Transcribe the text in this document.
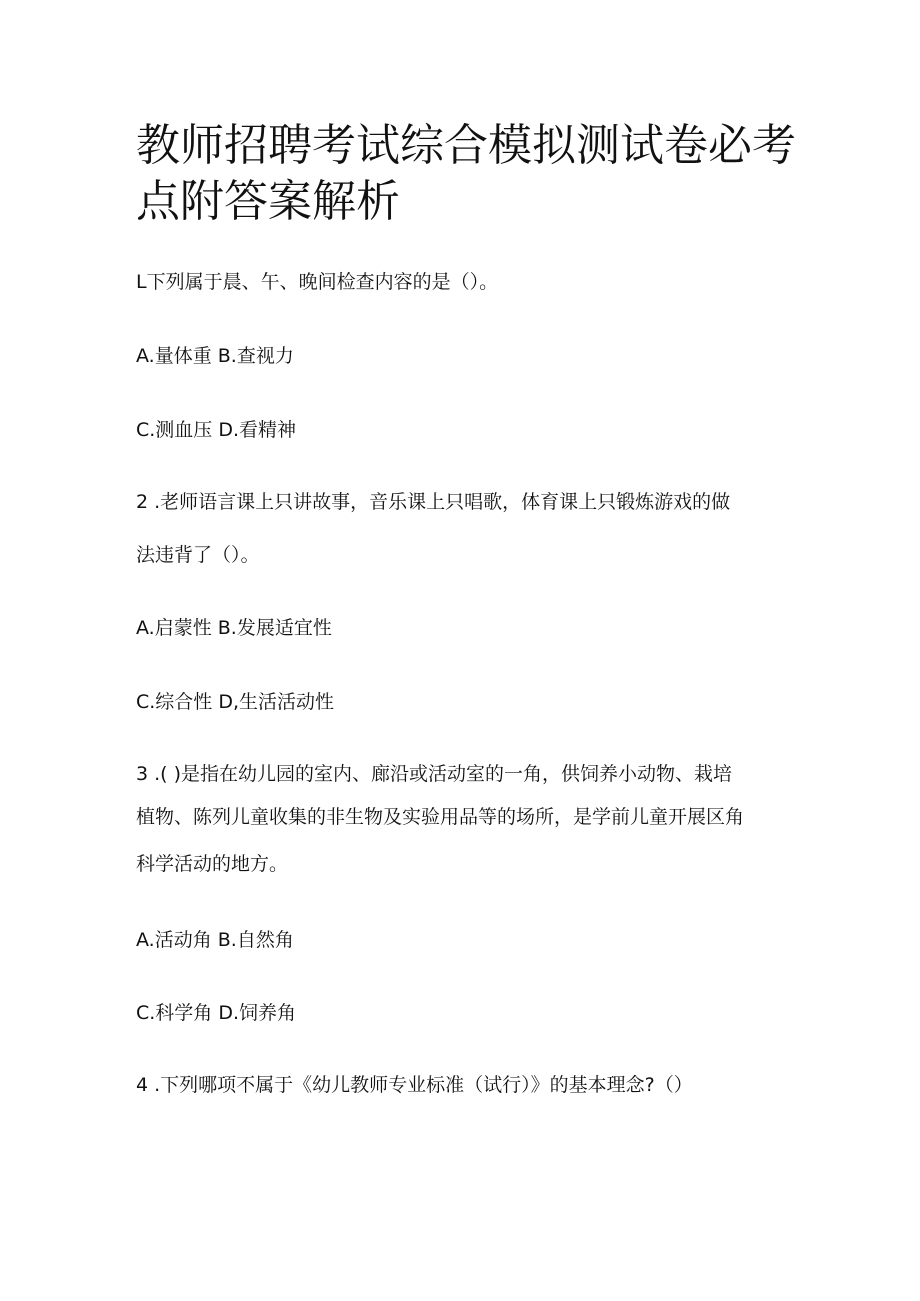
教师招聘考试综合模拟测试卷必考点附答案解析

L下列属于晨、午、晚间检查内容的是（）。

A.量体重 B.查视力

C.测血压 D.看精神

2 .老师语言课上只讲故事，音乐课上只唱歌，体育课上只锻炼游戏的做

法违背了（）。

A.启蒙性 B.发展适宜性

C.综合性 D,生活活动性

3 .( )是指在幼儿园的室内、廊沿或活动室的一角，供饲养小动物、栽培

植物、陈列儿童收集的非生物及实验用品等的场所，是学前儿童开展区角

科学活动的地方。

A.活动角 B.自然角

C.科学角 D.饲养角

4 .下列哪项不属于《幼儿教师专业标准（试行）》的基本理念?（）
